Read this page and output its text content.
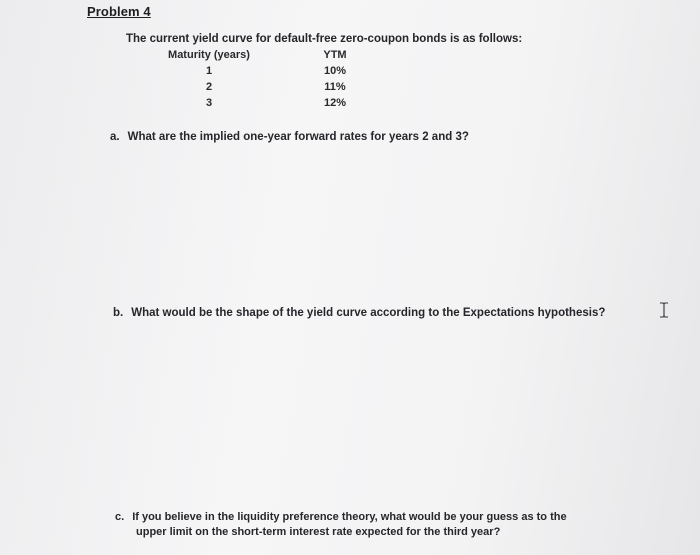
Problem 4
The current yield curve for default-free zero-coupon bonds is as follows:
Maturity (years)	YTM
1	10%
2	11%
3	12%
a. What are the implied one-year forward rates for years 2 and 3?
b. What would be the shape of the yield curve according to the Expectations hypothesis?
c. If you believe in the liquidity preference theory, what would be your guess as to the
upper limit on the short-term interest rate expected for the third year?
